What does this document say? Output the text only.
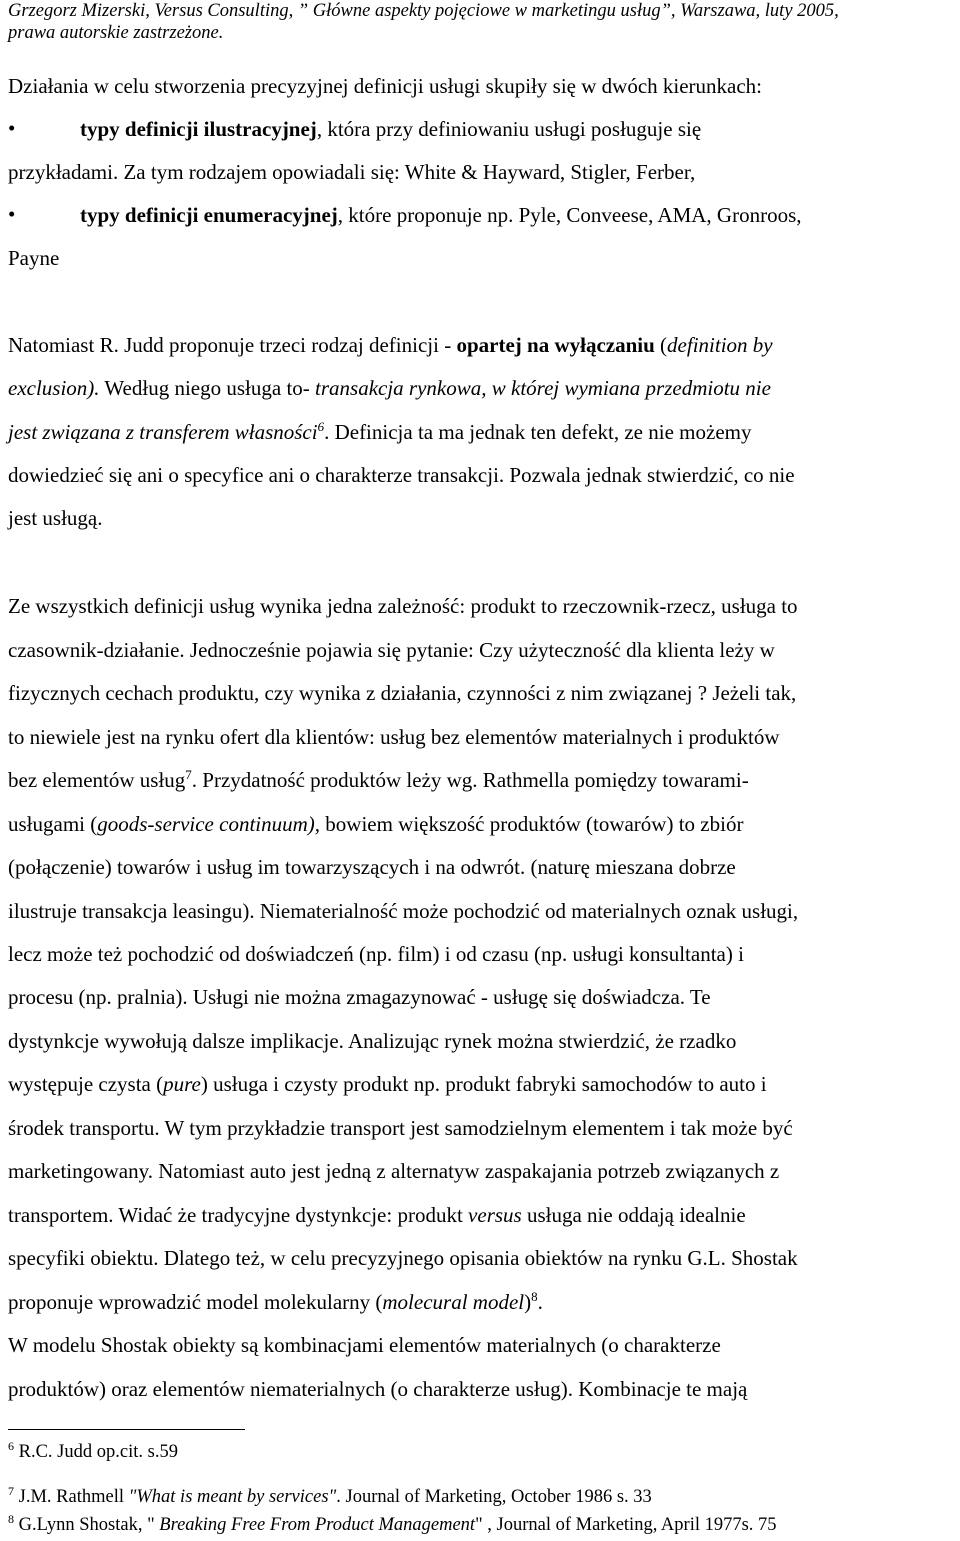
Grzegorz Mizerski, Versus Consulting, ” Główne aspekty pojęciowe w marketingu usług”, Warszawa, luty 2005,
prawa autorskie zastrzeżone.
Działania w celu stworzenia precyzyjnej definicji usługi skupiły się w dwóch kierunkach:
•	typy definicji ilustracyjnej, która przy definiowaniu usługi posługuje się
przykładami. Za tym rodzajem opowiadali się: White & Hayward, Stigler, Ferber,
•	typy definicji enumeracyjnej, które proponuje np. Pyle, Conveese, AMA, Gronroos,
Payne
Natomiast R. Judd proponuje trzeci rodzaj definicji - opartej na wyłączaniu (definition by
exclusion). Według niego usługa to- transakcja rynkowa, w której wymiana przedmiotu nie
jest związana z transferem własności$^6$. Definicja ta ma jednak ten defekt, ze nie możemy
dowiedzieć się ani o specyfice ani o charakterze transakcji. Pozwala jednak stwierdzić, co nie
jest usługą.
Ze wszystkich definicji usług wynika jedna zależność: produkt to rzeczownik-rzecz, usługa to
czasownik-działanie. Jednocześnie pojawia się pytanie: Czy użyteczność dla klienta leży w
fizycznych cechach produktu, czy wynika z działania, czynności z nim związanej ? Jeżeli tak,
to niewiele jest na rynku ofert dla klientów: usług bez elementów materialnych i produktów
bez elementów usług$^7$. Przydatność produktów leży wg. Rathmella pomiędzy towarami-
usługami (goods-service continuum), bowiem większość produktów (towarów) to zbiór
(połączenie) towarów i usług im towarzyszących i na odwrót. (naturę mieszana dobrze
ilustruje transakcja leasingu). Niematerialność może pochodzić od materialnych oznak usługi,
lecz może też pochodzić od doświadczeń (np. film) i od czasu (np. usługi konsultanta) i
procesu (np. pralnia). Usługi nie można zmagazynować - usługę się doświadcza. Te
dystynkcje wywołują dalsze implikacje. Analizując rynek można stwierdzić, że rzadko
występuje czysta (pure) usługa i czysty produkt np. produkt fabryki samochodów to auto i
środek transportu. W tym przykładzie transport jest samodzielnym elementem i tak może być
marketingowany. Natomiast auto jest jedną z alternatyw zaspakajania potrzeb związanych z
transportem. Widać że tradycyjne dystynkcje: produkt versus usługa nie oddają idealnie
specyfiki obiektu. Dlatego też, w celu precyzyjnego opisania obiektów na rynku G.L. Shostak
proponuje wprowadzić model molekularny (molecural model)$^8$.
W modelu Shostak obiekty są kombinacjami elementów materialnych (o charakterze
produktów) oraz elementów niematerialnych (o charakterze usług). Kombinacje te mają
$^6$ R.C. Judd op.cit. s.59
$^7$ J.M. Rathmell "What is meant by services". Journal of Marketing, October 1986 s. 33
$^8$ G.Lynn Shostak, " Breaking Free From Product Management" , Journal of Marketing, April 1977s. 75
